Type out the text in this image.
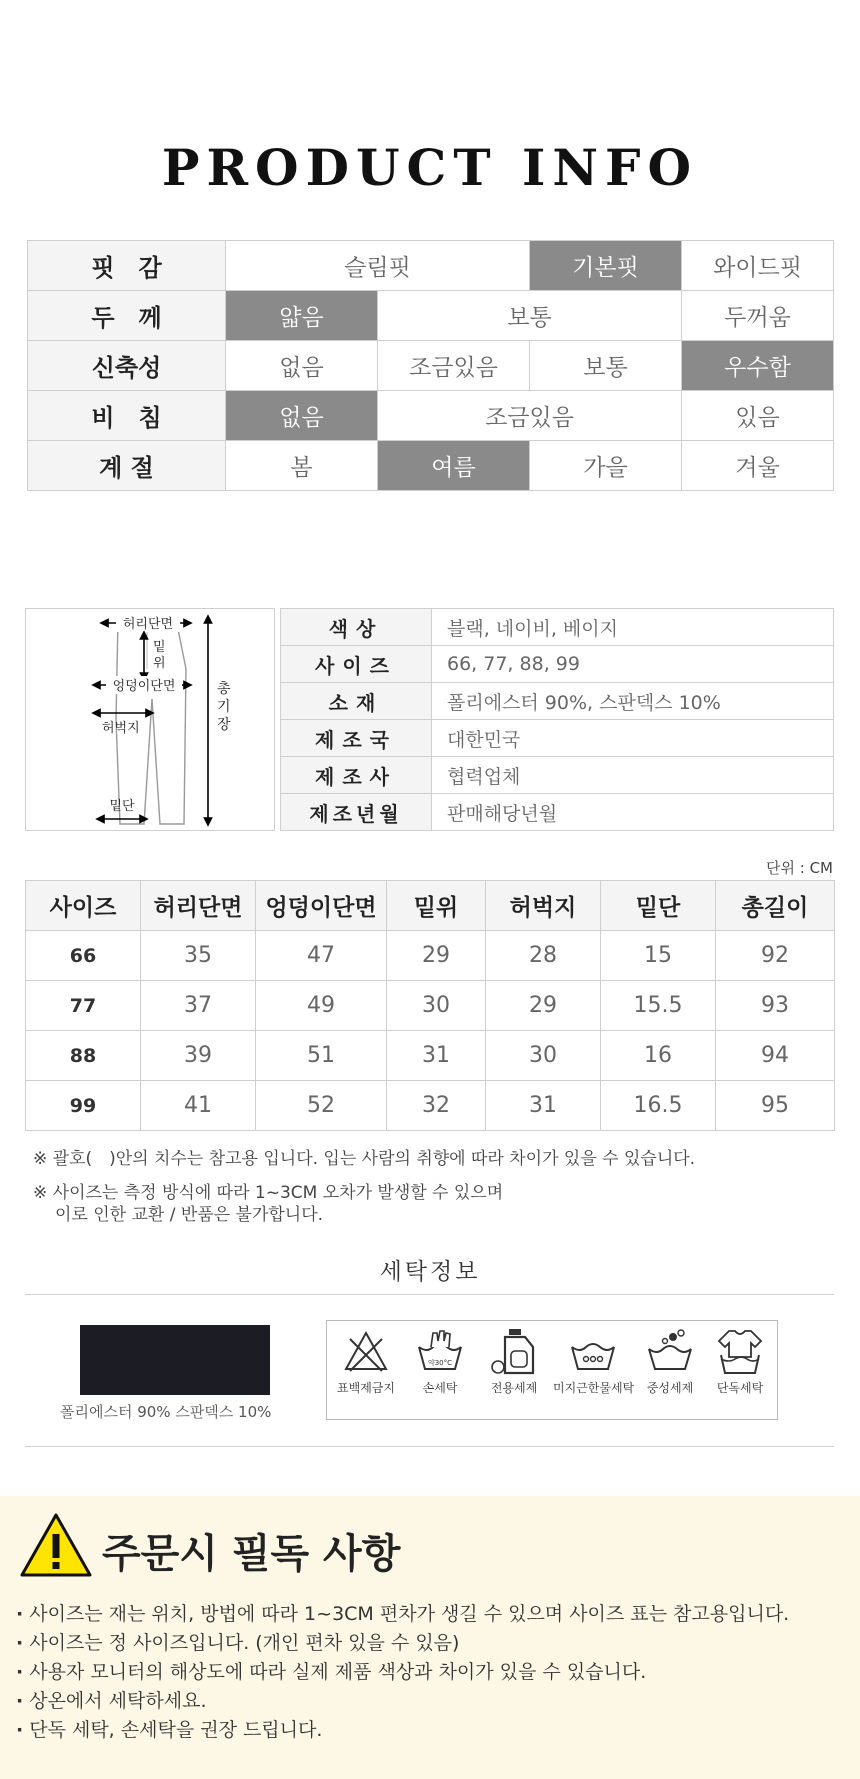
PRODUCT INFO
핏　감	슬림핏		기본핏	와이드핏
두　께	얇음	보통		두꺼움
신축성	없음	조금있음	보통	우수함
비　침	없음	조금있음		있음
계 절	봄	여름	가을	겨울
허리단면
밑
위
엉덩이단면
허벅지
밑단
총
기
장
색상	블랙, 네이비, 베이지
사이즈	66, 77, 88, 99
소재	폴리에스터 90%, 스판덱스 10%
제조국	대한민국
제조사	협력업체
제조년월	판매해당년월
단위 : CM
사이즈	허리단면	엉덩이단면	밑위	허벅지	밑단	총길이
66	35	47	29	28	15	92
77	37	49	30	29	15.5	93
88	39	51	31	30	16	94
99	41	52	32	31	16.5	95

※ 괄호(　)안의 치수는 참고용 입니다. 입는 사람의 취향에 따라 차이가 있을 수 있습니다.

※ 사이즈는 측정 방식에 따라 1~3CM 오차가 발생할 수 있으며
이로 인한 교환 / 반품은 불가합니다.

세탁정보
폴리에스터 90% 스판덱스 10%
표백제금지
약30°C
손세탁	전용세제	미지근한물세탁	중성세제	단독세탁
주문시 필독 사항
· 사이즈는 재는 위치, 방법에 따라 1~3CM 편차가 생길 수 있으며 사이즈 표는 참고용입니다.
· 사이즈는 정 사이즈입니다. (개인 편차 있을 수 있음)
· 사용자 모니터의 해상도에 따라 실제 제품 색상과 차이가 있을 수 있습니다.
· 상온에서 세탁하세요.
· 단독 세탁, 손세탁을 권장 드립니다.
